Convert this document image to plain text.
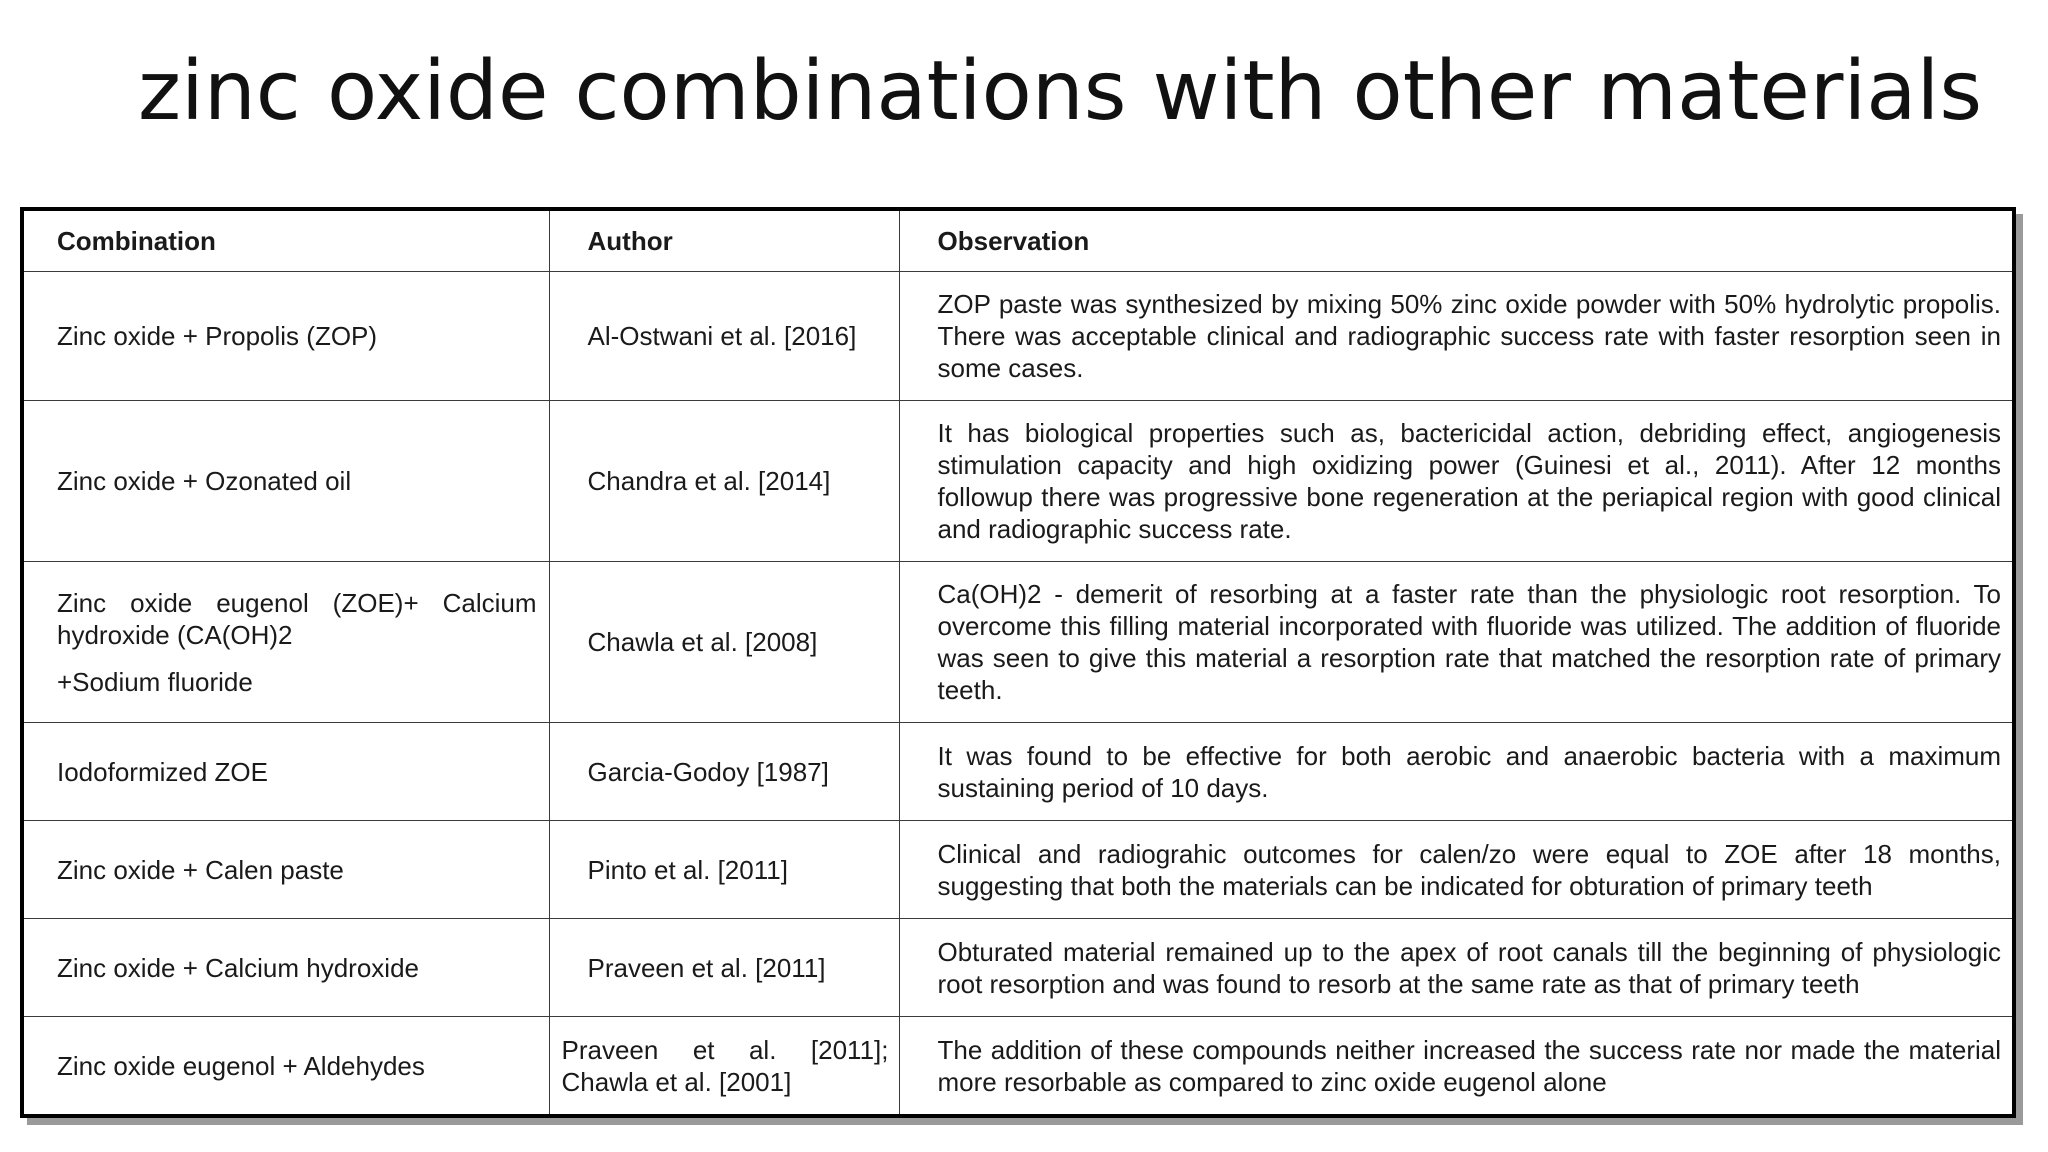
zinc oxide combinations with other materials
Combination	Author	Observation

Zinc oxide + Propolis (ZOP)	Al-Ostwani et al. [2016]	ZOP paste was synthesized by mixing 50% zinc oxide powder with 50% hydrolytic propolis. There was acceptable clinical and radiographic success rate with faster resorption seen in some cases.

Zinc oxide + Ozonated oil	Chandra et al. [2014]	It has biological properties such as, bactericidal action, debriding effect, angiogenesis stimulation capacity and high oxidizing power (Guinesi et al., 2011). After 12 months followup there was progressive bone regeneration at the periapical region with good clinical and radiographic success rate.

Zinc oxide eugenol (ZOE)+ Calcium hydroxide (CA(OH)2
+Sodium fluoride	Chawla et al. [2008]	Ca(OH)2 - demerit of resorbing at a faster rate than the physiologic root resorption. To overcome this filling material incorporated with fluoride was utilized. The addition of fluoride was seen to give this material a resorption rate that matched the resorption rate of primary teeth.

Iodoformized ZOE	Garcia-Godoy [1987]	It was found to be effective for both aerobic and anaerobic bacteria with a maximum sustaining period of 10 days.

Zinc oxide + Calen paste	Pinto et al. [2011]	Clinical and radiograhic outcomes for calen/zo were equal to ZOE after 18 months, suggesting that both the materials can be indicated for obturation of primary teeth

Zinc oxide + Calcium hydroxide	Praveen et al. [2011]	Obturated material remained up to the apex of root canals till the beginning of physiologic root resorption and was found to resorb at the same rate as that of primary teeth

Zinc oxide eugenol + Aldehydes	Praveen et al. [2011]; Chawla et al. [2001]	The addition of these compounds neither increased the success rate nor made the material more resorbable as compared to zinc oxide eugenol alone
